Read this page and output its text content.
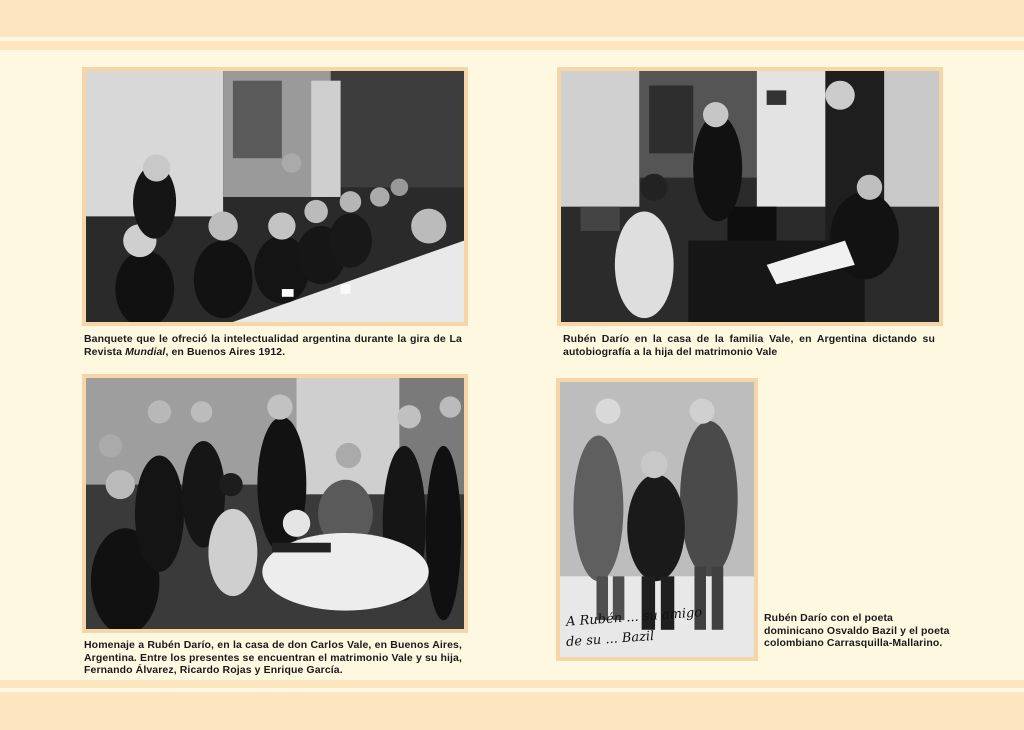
Banquete que le ofreció la intelectualidad argentina durante la gira de La Revista Mundial, en Buenos Aires 1912.
Rubén Darío en la casa de la familia Vale, en Argentina dictando su autobiografía a la hija del matrimonio Vale
Homenaje a Rubén Darío, en la casa de don Carlos Vale, en Buenos Aires, Argentina. Entre los presentes se encuentran el matrimonio Vale y su hija, Fernando Álvarez, Ricardo Rojas y Enrique García.
A Rubén ... su amigo
de su ... Bazil
Rubén Darío con el poeta dominicano Osvaldo Bazil y el poeta colombiano Carrasquilla-Mallarino.
